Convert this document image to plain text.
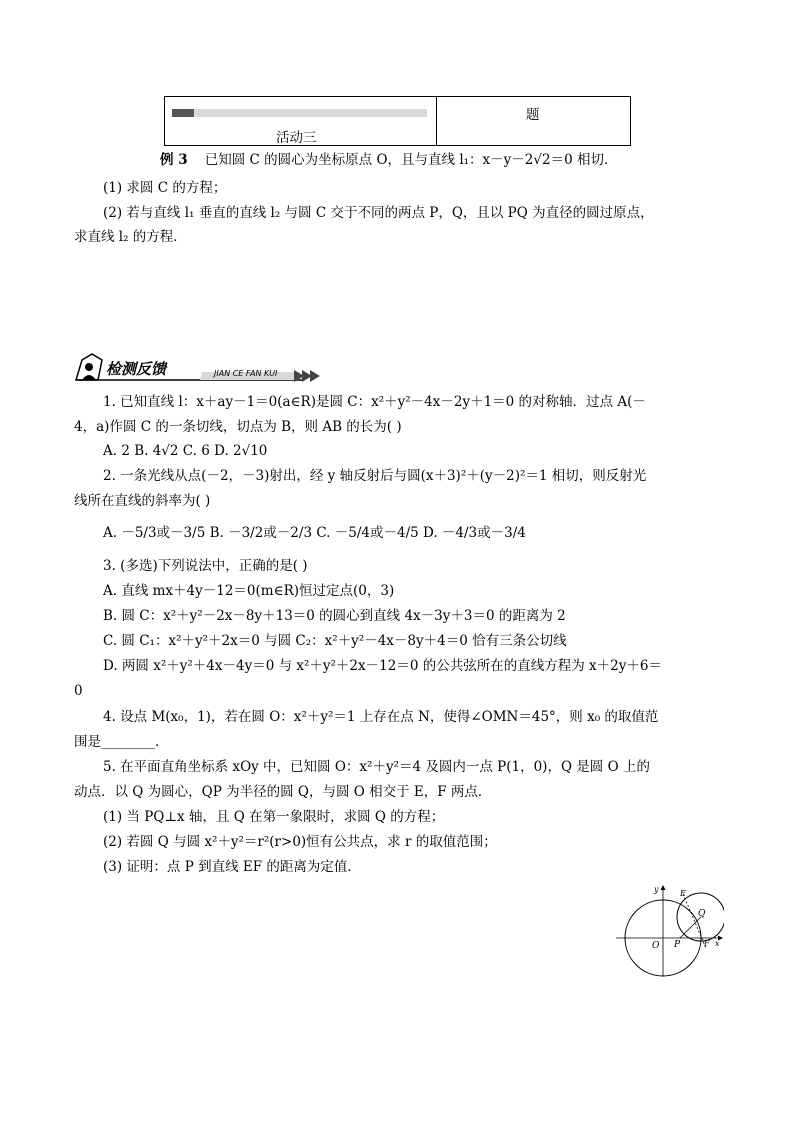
活动三

题
例 3 已知圆 C 的圆心为坐标原点 O，且与直线 l₁：x－y－2√2＝0 相切．
(1) 求圆 C 的方程；
(2) 若与直线 l₁ 垂直的直线 l₂ 与圆 C 交于不同的两点 P，Q，且以 PQ 为直径的圆过原点，
求直线 l₂ 的方程．
检测反馈	JIAN CE FAN KUI
1. 已知直线 l：x＋ay－1＝0(a∈R)是圆 C：x²＋y²－4x－2y＋1＝0 的对称轴．过点 A(－
4，a)作圆 C 的一条切线，切点为 B，则 AB 的长为( )
A. 2 B. 4√2 C. 6 D. 2√10
2. 一条光线从点(－2，－3)射出，经 y 轴反射后与圆(x＋3)²＋(y－2)²＝1 相切，则反射光
线所在直线的斜率为( )
A. －5/3或－3/5 B. －3/2或－2/3 C. －5/4或－4/5 D. －4/3或－3/4
3. (多选)下列说法中，正确的是( )
A. 直线 mx＋4y－12＝0(m∈R)恒过定点(0，3)
B. 圆 C：x²＋y²－2x－8y＋13＝0 的圆心到直线 4x－3y＋3＝0 的距离为 2
C. 圆 C₁：x²＋y²＋2x＝0 与圆 C₂：x²＋y²－4x－8y＋4＝0 恰有三条公切线
D. 两圆 x²＋y²＋4x－4y＝0 与 x²＋y²＋2x－12＝0 的公共弦所在的直线方程为 x＋2y＋6＝
0
4. 设点 M(x₀，1)，若在圆 O：x²＋y²＝1 上存在点 N，使得∠OMN＝45°，则 x₀ 的取值范
围是________．
5. 在平面直角坐标系 xOy 中，已知圆 O：x²＋y²＝4 及圆内一点 P(1，0)，Q 是圆 O 上的
动点．以 Q 为圆心，QP 为半径的圆 Q，与圆 O 相交于 E，F 两点．
(1) 当 PQ⊥x 轴，且 Q 在第一象限时，求圆 Q 的方程；
(2) 若圆 Q 与圆 x²＋y²＝r²(r>0)恒有公共点，求 r 的取值范围；
(3) 证明：点 P 到直线 EF 的距离为定值．
y
x
O P
Q
E
F
